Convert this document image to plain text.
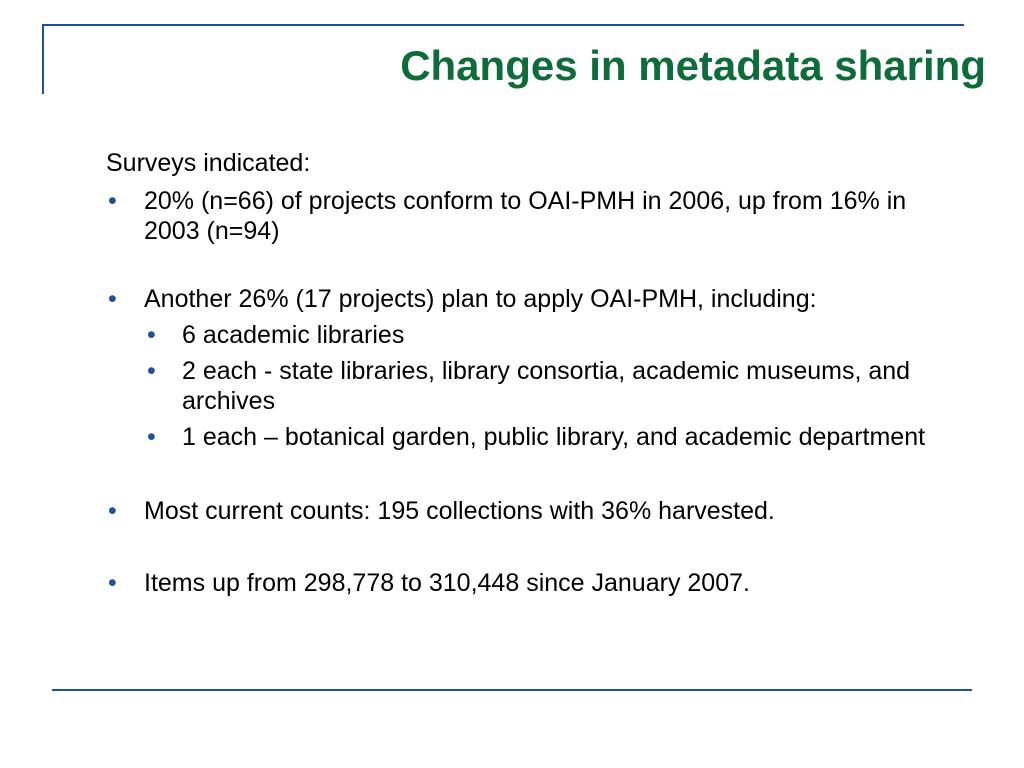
Changes in metadata sharing

Surveys indicated:

• 20% (n=66) of projects conform to OAI-PMH in 2006, up from 16% in 2003 (n=94)
• Another 26% (17 projects) plan to apply OAI-PMH, including:
• 6 academic libraries
• 2 each - state libraries, library consortia, academic museums, and archives
• 1 each – botanical garden, public library, and academic department
• Most current counts: 195 collections with 36% harvested.
• Items up from 298,778 to 310,448 since January 2007.
